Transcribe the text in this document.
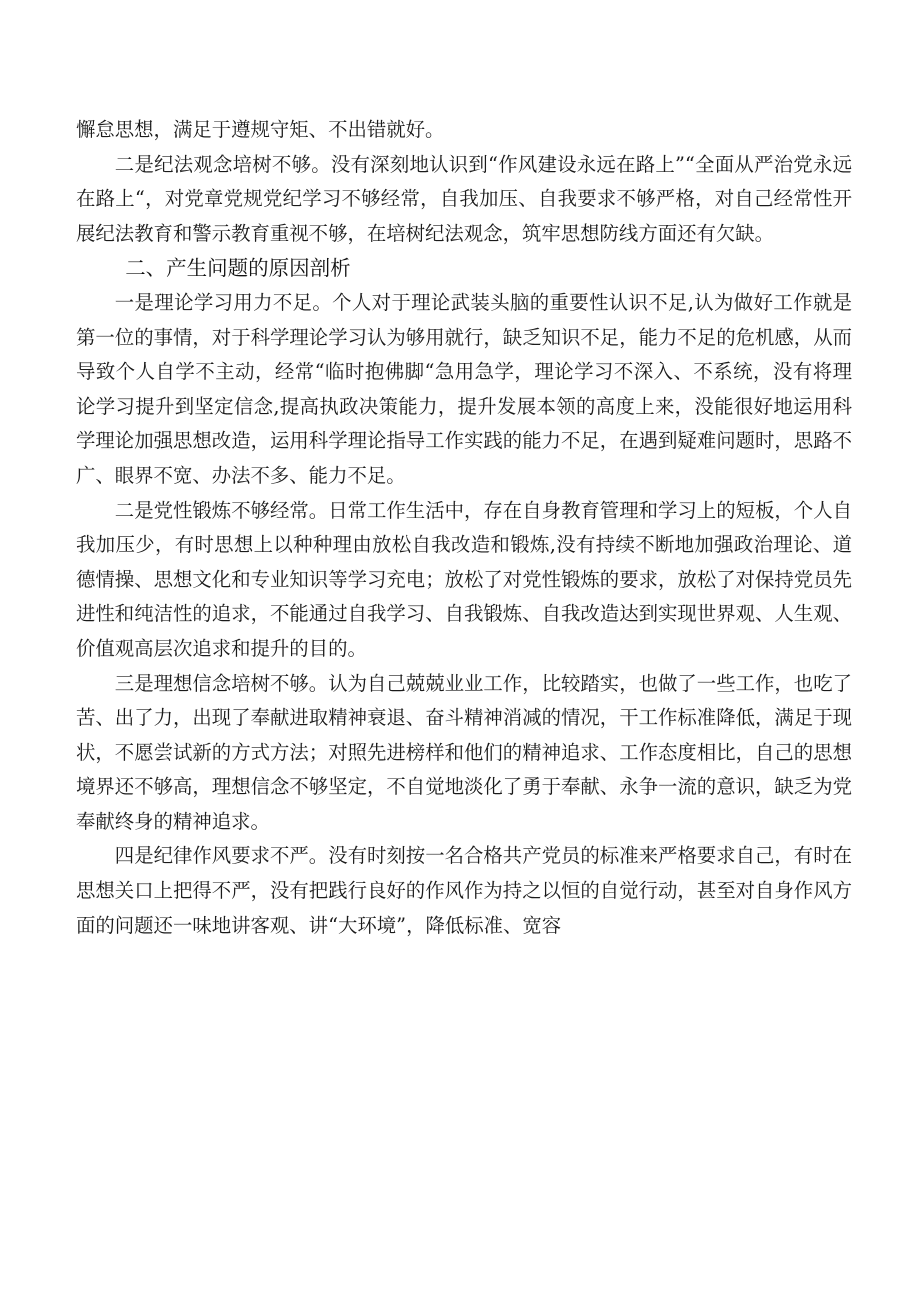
懈怠思想，满足于遵规守矩、不出错就好。

二是纪法观念培树不够。没有深刻地认识到“作风建设永远在路上”“全面从严治党永远在路上“，对党章党规党纪学习不够经常，自我加压、自我要求不够严格，对自己经常性开展纪法教育和警示教育重视不够，在培树纪法观念，筑牢思想防线方面还有欠缺。

二、产生问题的原因剖析

一是理论学习用力不足。个人对于理论武装头脑的重要性认识不足,认为做好工作就是第一位的事情，对于科学理论学习认为够用就行，缺乏知识不足，能力不足的危机感，从而导致个人自学不主动，经常“临时抱佛脚“急用急学，理论学习不深入、不系统，没有将理论学习提升到坚定信念,提高执政决策能力，提升发展本领的高度上来，没能很好地运用科学理论加强思想改造，运用科学理论指导工作实践的能力不足，在遇到疑难问题时，思路不广、眼界不宽、办法不多、能力不足。

二是党性锻炼不够经常。日常工作生活中，存在自身教育管理和学习上的短板，个人自我加压少，有时思想上以种种理由放松自我改造和锻炼,没有持续不断地加强政治理论、道德情操、思想文化和专业知识等学习充电；放松了对党性锻炼的要求，放松了对保持党员先进性和纯洁性的追求，不能通过自我学习、自我锻炼、自我改造达到实现世界观、人生观、价值观高层次追求和提升的目的。

三是理想信念培树不够。认为自己兢兢业业工作，比较踏实，也做了一些工作，也吃了苦、出了力，出现了奉献进取精神衰退、奋斗精神消减的情况，干工作标准降低，满足于现状，不愿尝试新的方式方法；对照先进榜样和他们的精神追求、工作态度相比，自己的思想境界还不够高，理想信念不够坚定，不自觉地淡化了勇于奉献、永争一流的意识，缺乏为党奉献终身的精神追求。

四是纪律作风要求不严。没有时刻按一名合格共产党员的标准来严格要求自己，有时在思想关口上把得不严，没有把践行良好的作风作为持之以恒的自觉行动，甚至对自身作风方面的问题还一味地讲客观、讲“大环境”，降低标准、宽容
